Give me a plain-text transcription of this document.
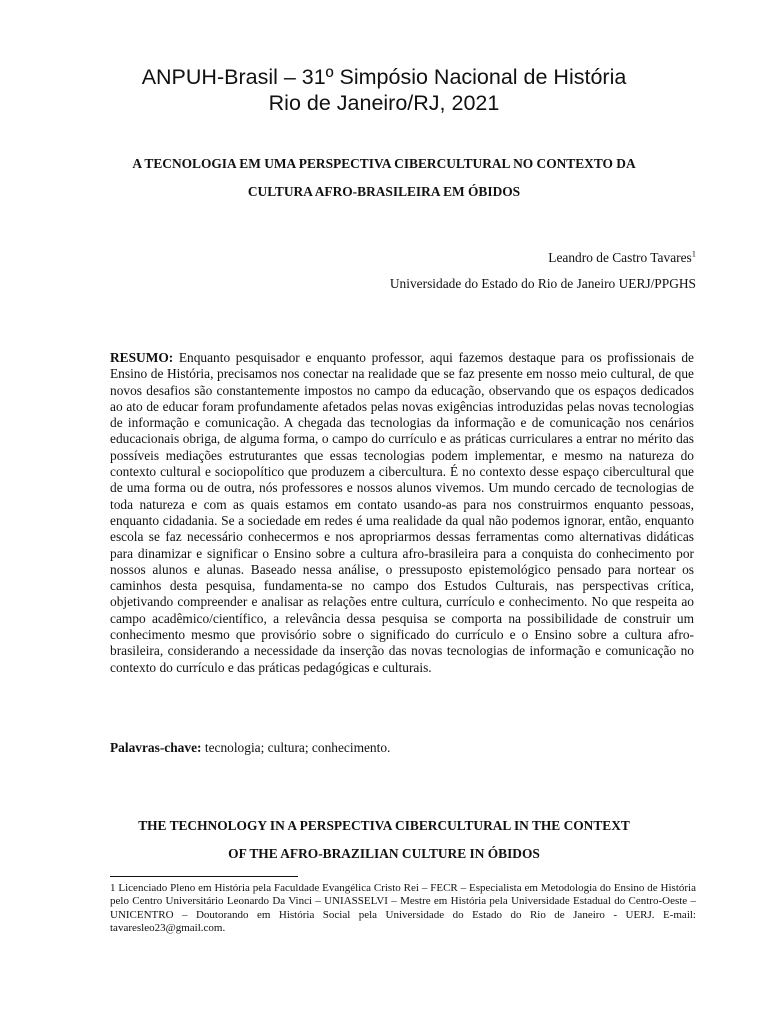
ANPUH-Brasil – 31º Simpósio Nacional de História
Rio de Janeiro/RJ, 2021
A TECNOLOGIA EM UMA PERSPECTIVA CIBERCULTURAL NO CONTEXTO DA
CULTURA AFRO-BRASILEIRA EM ÓBIDOS
Leandro de Castro Tavares$^1$
Universidade do Estado do Rio de Janeiro UERJ/PPGHS
RESUMO: Enquanto pesquisador e enquanto professor, aqui fazemos destaque para os profissionais de Ensino de História, precisamos nos conectar na realidade que se faz presente em nosso meio cultural, de que novos desafios são constantemente impostos no campo da educação, observando que os espaços dedicados ao ato de educar foram profundamente afetados pelas novas exigências introduzidas pelas novas tecnologias de informação e comunicação. A chegada das tecnologias da informação e de comunicação nos cenários educacionais obriga, de alguma forma, o campo do currículo e as práticas curriculares a entrar no mérito das possíveis mediações estruturantes que essas tecnologias podem implementar, e mesmo na natureza do contexto cultural e sociopolítico que produzem a cibercultura. É no contexto desse espaço cibercultural que de uma forma ou de outra, nós professores e nossos alunos vivemos. Um mundo cercado de tecnologias de toda natureza e com as quais estamos em contato usando-as para nos construirmos enquanto pessoas, enquanto cidadania. Se a sociedade em redes é uma realidade da qual não podemos ignorar, então, enquanto escola se faz necessário conhecermos e nos apropriarmos dessas ferramentas como alternativas didáticas para dinamizar e significar o Ensino sobre a cultura afro-brasileira para a conquista do conhecimento por nossos alunos e alunas. Baseado nessa análise, o pressuposto epistemológico pensado para nortear os caminhos desta pesquisa, fundamenta-se no campo dos Estudos Culturais, nas perspectivas crítica, objetivando compreender e analisar as relações entre cultura, currículo e conhecimento. No que respeita ao campo acadêmico/científico, a relevância dessa pesquisa se comporta na possibilidade de construir um conhecimento mesmo que provisório sobre o significado do currículo e o Ensino sobre a cultura afro-brasileira, considerando a necessidade da inserção das novas tecnologias de informação e comunicação no contexto do currículo e das práticas pedagógicas e culturais.
Palavras-chave: tecnologia; cultura; conhecimento.
THE TECHNOLOGY IN A PERSPECTIVA CIBERCULTURAL IN THE CONTEXT
OF THE AFRO-BRAZILIAN CULTURE IN ÓBIDOS
1 Licenciado Pleno em História pela Faculdade Evangélica Cristo Rei – FECR – Especialista em Metodologia do Ensino de História pelo Centro Universitário Leonardo Da Vinci – UNIASSELVI – Mestre em História pela Universidade Estadual do Centro-Oeste – UNICENTRO – Doutorando em História Social pela Universidade do Estado do Rio de Janeiro - UERJ. E-mail: tavaresleo23@gmail.com.
